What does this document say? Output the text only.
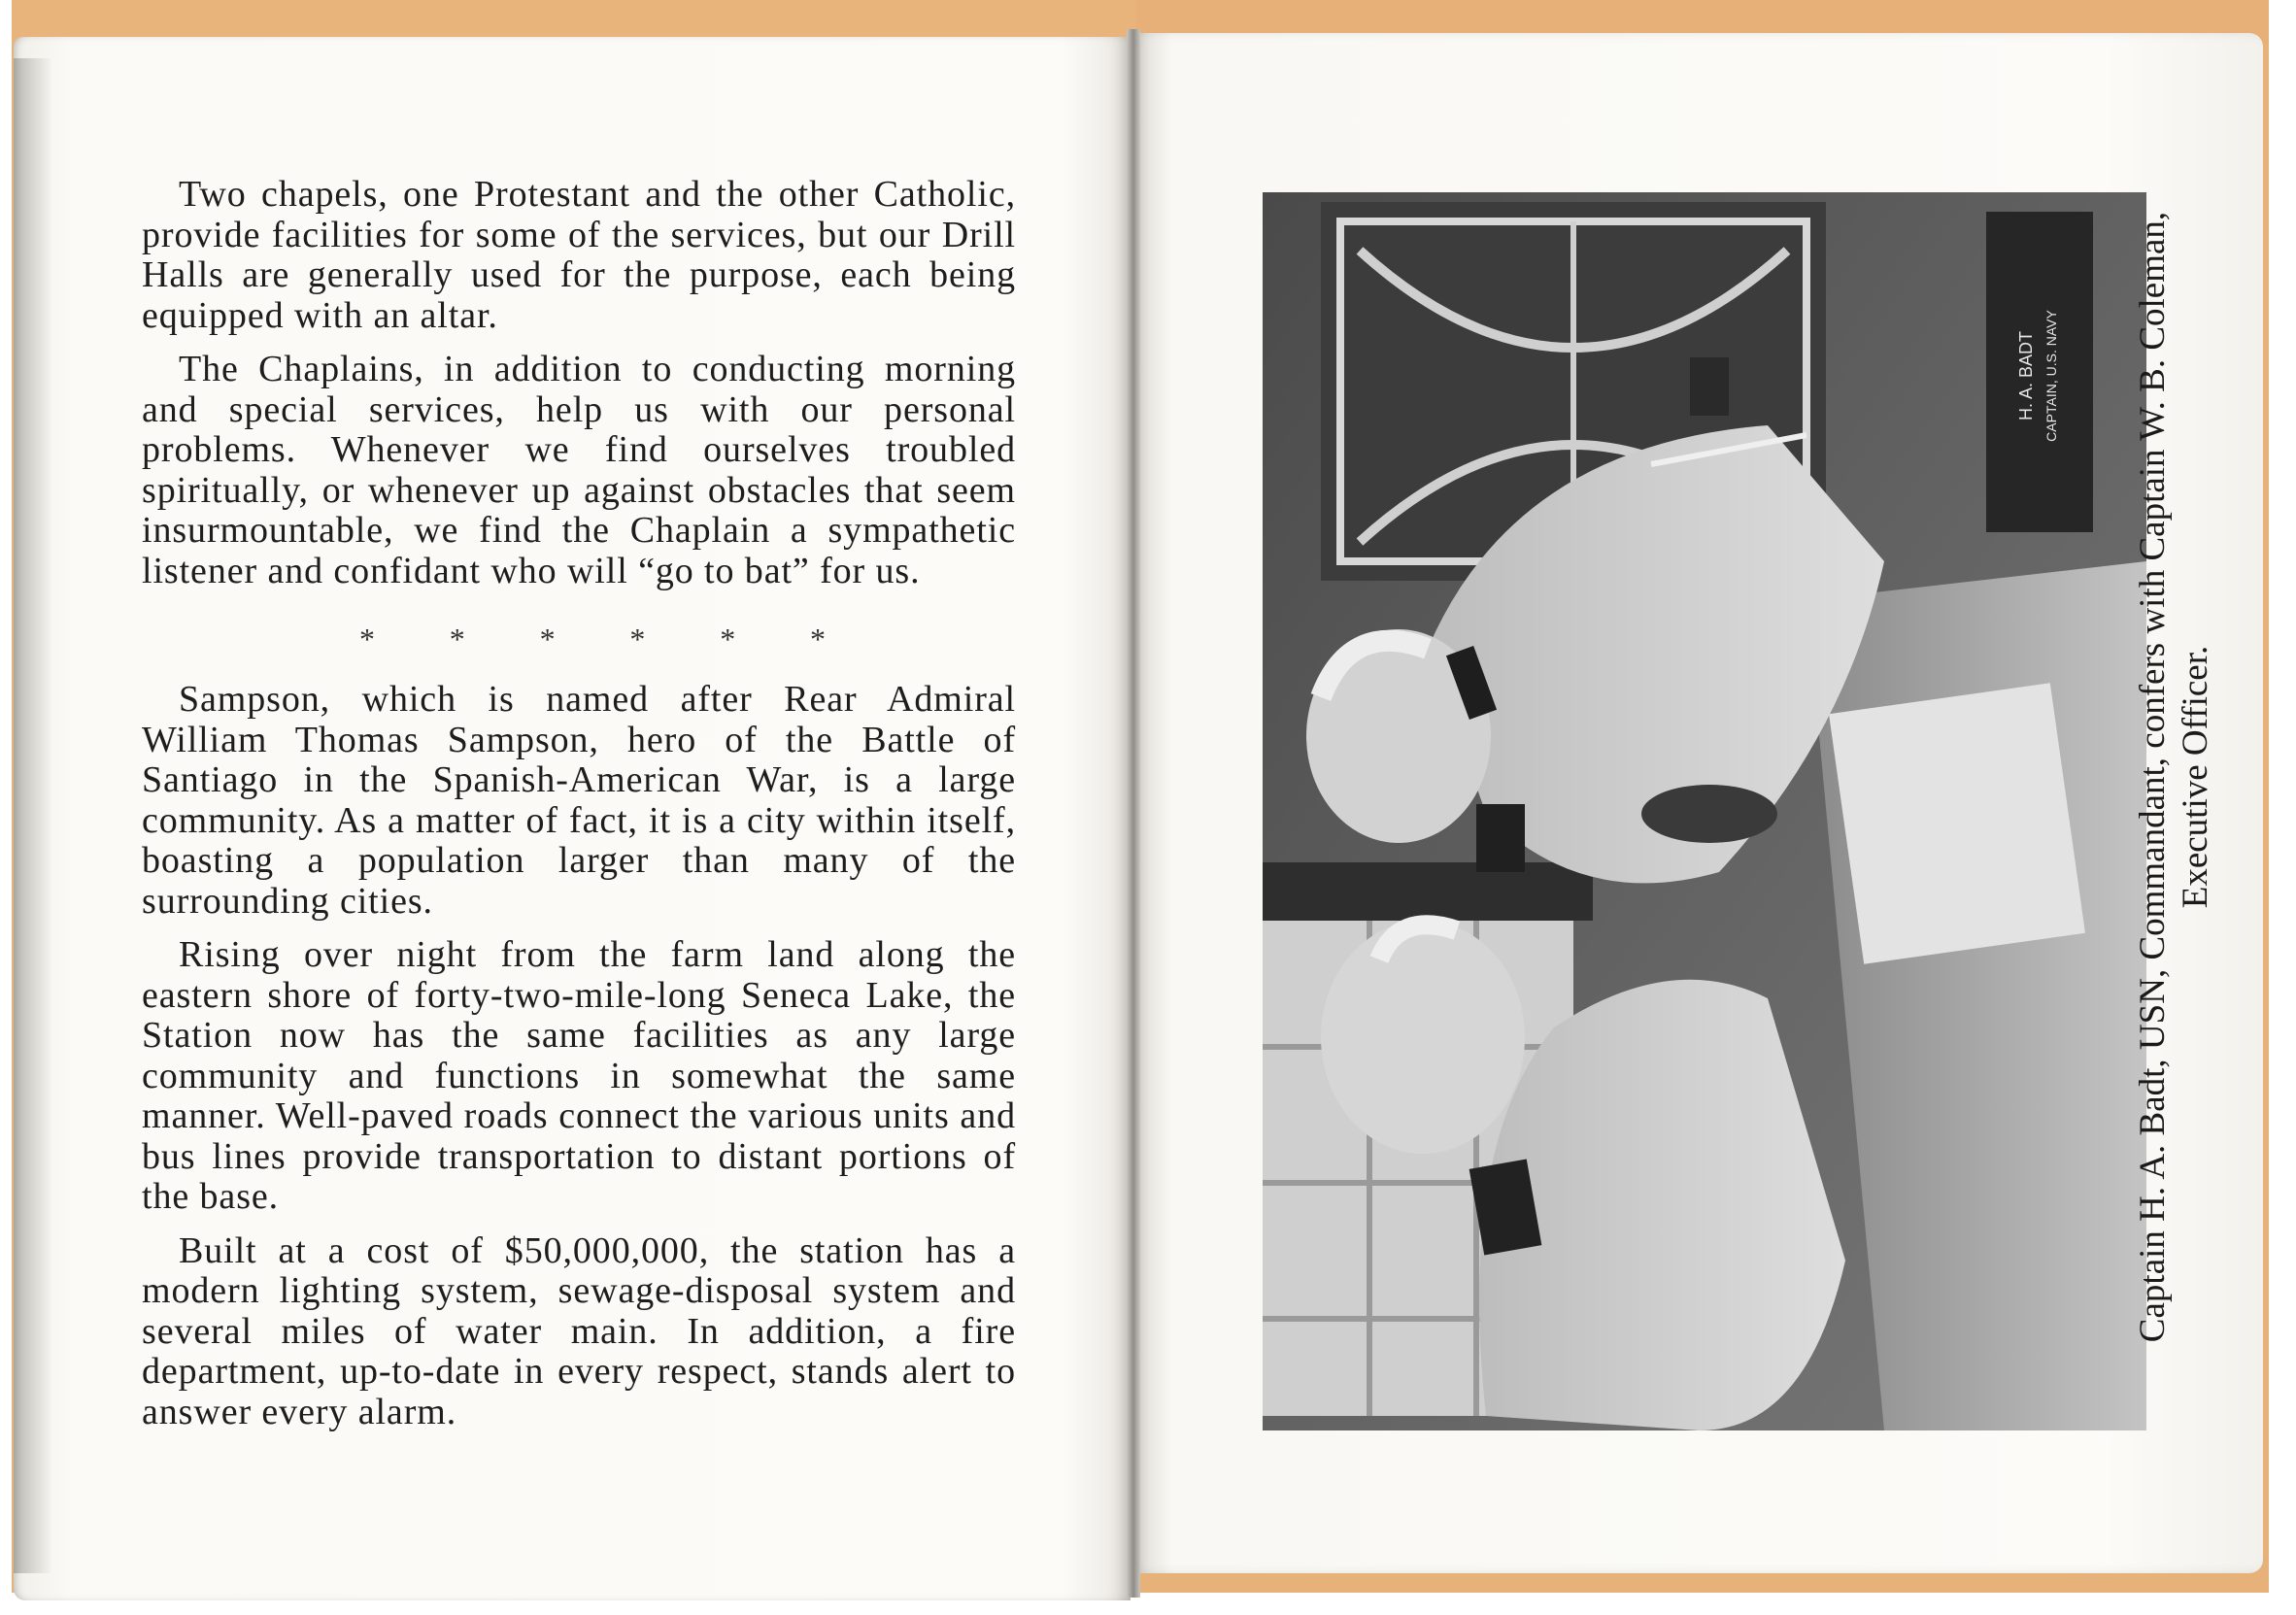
Two chapels, one Protestant and the other Catholic, provide facilities for some of the services, but our Drill Halls are generally used for the purpose, each being equipped with an altar.

The Chaplains, in addition to conducting morning and special services, help us with our personal problems. Whenever we find ourselves troubled spiritually, or whenever up against obstacles that seem insurmountable, we find the Chaplain a sympathetic listener and confidant who will “go to bat” for us.

* * * * * *

Sampson, which is named after Rear Admiral William Thomas Sampson, hero of the Battle of Santiago in the Spanish-American War, is a large community. As a matter of fact, it is a city within itself, boasting a population larger than many of the surrounding cities.

Rising over night from the farm land along the eastern shore of forty-two-mile-long Seneca Lake, the Station now has the same facilities as any large community and functions in somewhat the same manner. Well-paved roads connect the various units and bus lines provide transportation to distant portions of the base.

Built at a cost of $50,000,000, the station has a modern lighting system, sewage-disposal system and several miles of water main. In addition, a fire department, up-to-date in every respect, stands alert to answer every alarm.

H. A. BADT CAPTAIN, U.S. NAVY Captain H. A. Badt, USN, Commandant, confers with Captain W. B. Coleman, Executive Officer.
